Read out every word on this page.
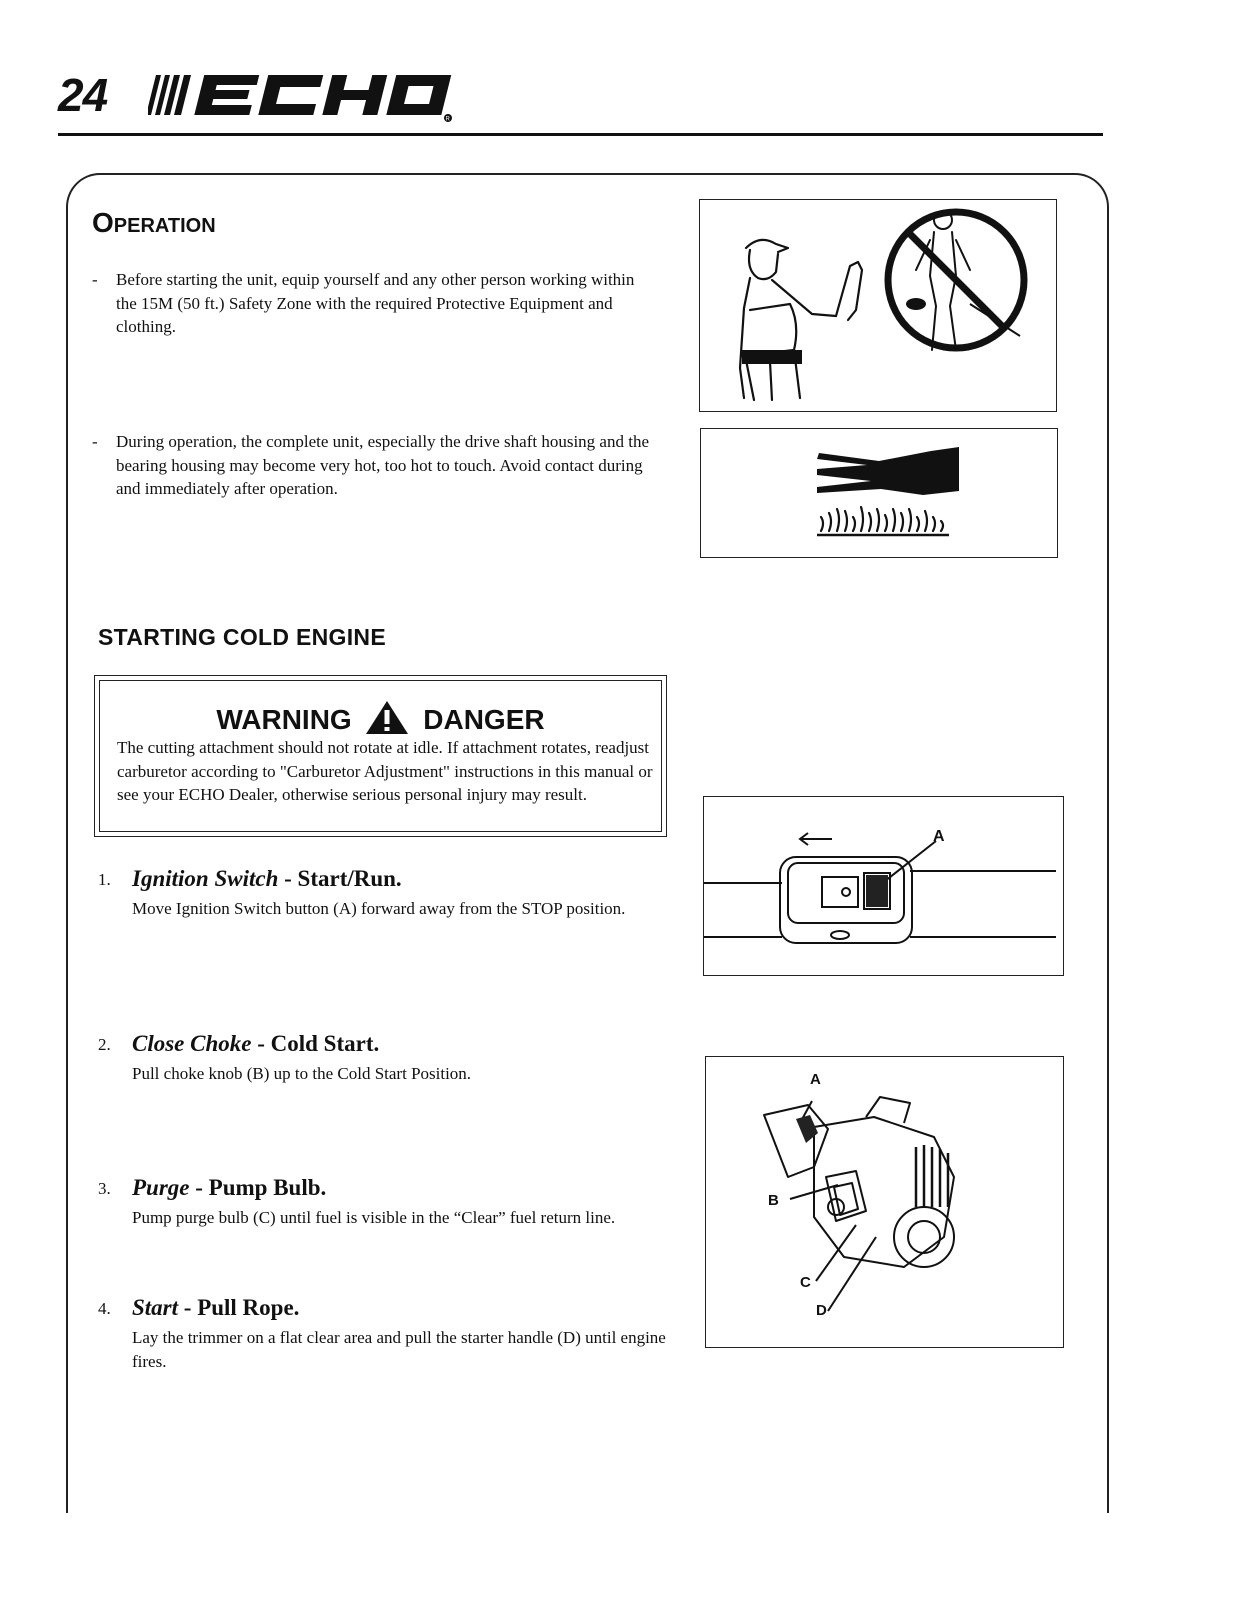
24	R
OPERATION
- Before starting the unit, equip yourself and any other person working within the 15M (50 ft.) Safety Zone with the required Protective Equipment and clothing.
- During operation, the complete unit, especially the drive shaft housing and the bearing housing may become very hot, too hot to touch. Avoid contact during and immediately after operation.
STARTING COLD ENGINE
WARNING	DANGER
The cutting attachment should not rotate at idle. If attachment rotates, readjust carburetor according to "Carburetor Adjustment" instructions in this manual or see your ECHO Dealer, otherwise serious personal injury may result.
1. Ignition Switch - Start/Run.
Move Ignition Switch button (A) forward away from the STOP position.
2. Close Choke - Cold Start.
Pull choke knob (B) up to the Cold Start Position.
3. Purge - Pump Bulb.
Pump purge bulb (C) until fuel is visible in the “Clear” fuel return line.
4. Start - Pull Rope.
Lay the trimmer on a flat clear area and pull the starter handle (D) until engine fires.
A
A
B
C
D
